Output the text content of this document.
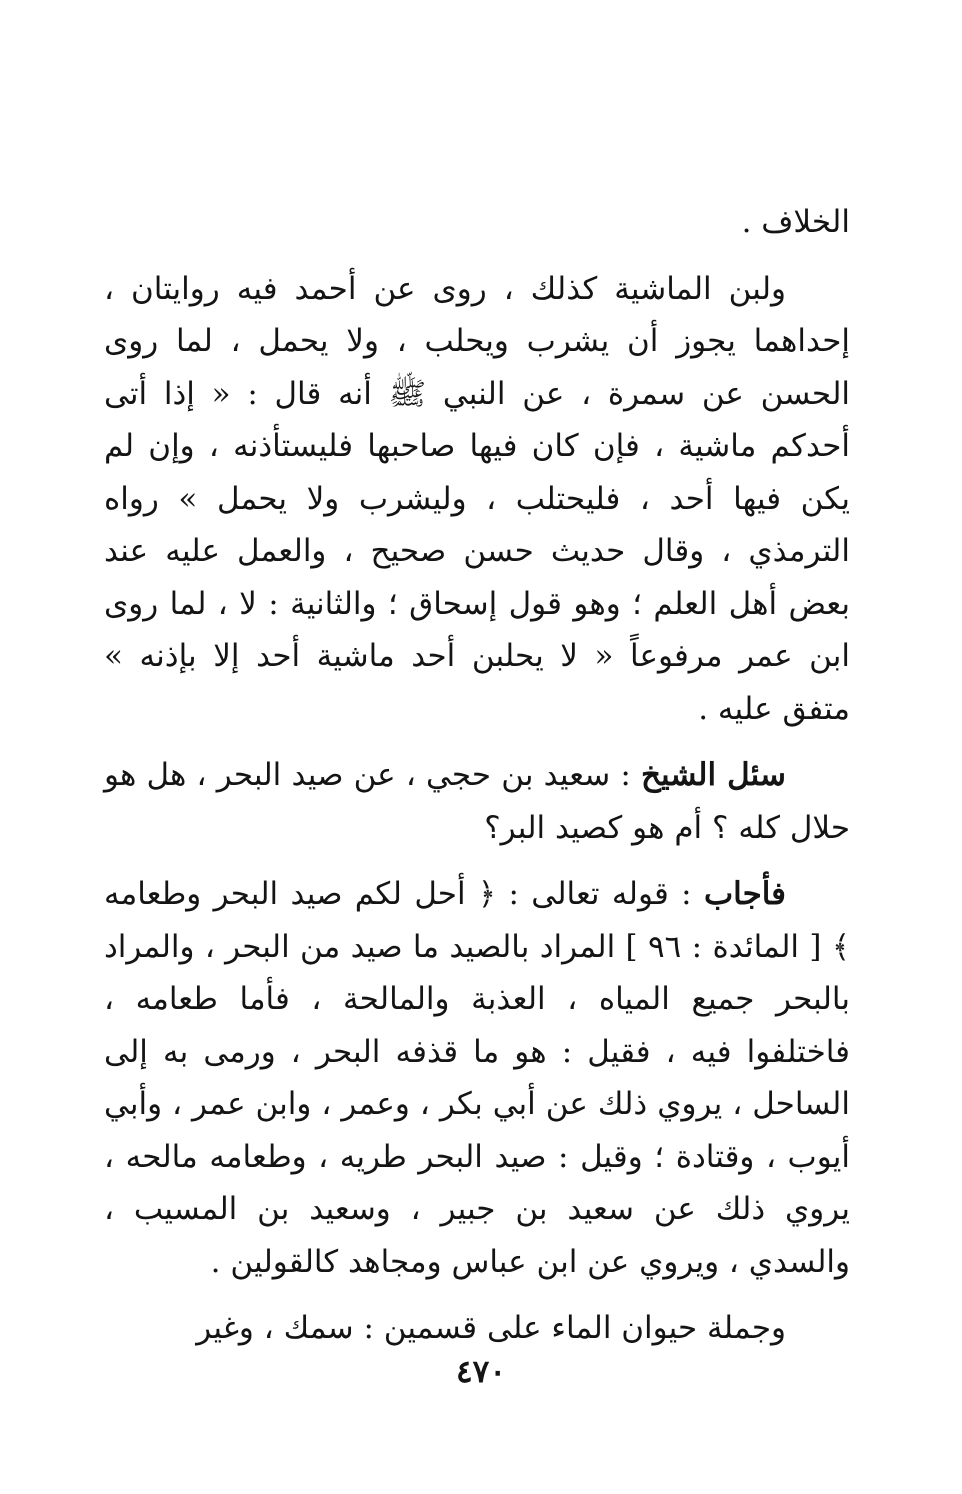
الخلاف .

ولبن الماشية كذلك ، روى عن أحمد فيه روايتان ، إحداهما يجوز أن يشرب ويحلب ، ولا يحمل ، لما روى الحسن عن سمرة ، عن النبي ﷺ أنه قال : « إذا أتى أحدكم ماشية ، فإن كان فيها صاحبها فليستأذنه ، وإن لم يكن فيها أحد ، فليحتلب ، وليشرب ولا يحمل » رواه الترمذي ، وقال حديث حسن صحيح ، والعمل عليه عند بعض أهل العلم ؛ وهو قول إسحاق ؛ والثانية : لا ، لما روى ابن عمر مرفوعاً « لا يحلبن أحد ماشية أحد إلا بإذنه » متفق عليه .

سئل الشيخ : سعيد بن حجي ، عن صيد البحر ، هل هو حلال كله ؟ أم هو كصيد البر؟

فأجاب : قوله تعالى : ﴿ أحل لكم صيد البحر وطعامه ﴾ [ المائدة : ٩٦ ] المراد بالصيد ما صيد من البحر ، والمراد بالبحر جميع المياه ، العذبة والمالحة ، فأما طعامه ، فاختلفوا فيه ، فقيل : هو ما قذفه البحر ، ورمى به إلى الساحل ، يروي ذلك عن أبي بكر ، وعمر ، وابن عمر ، وأبي أيوب ، وقتادة ؛ وقيل : صيد البحر طريه ، وطعامه مالحه ، يروي ذلك عن سعيد بن جبير ، وسعيد بن المسيب ، والسدي ، ويروي عن ابن عباس ومجاهد كالقولين .

وجملة حيوان الماء على قسمين : سمك ، وغير

٤٧٠
